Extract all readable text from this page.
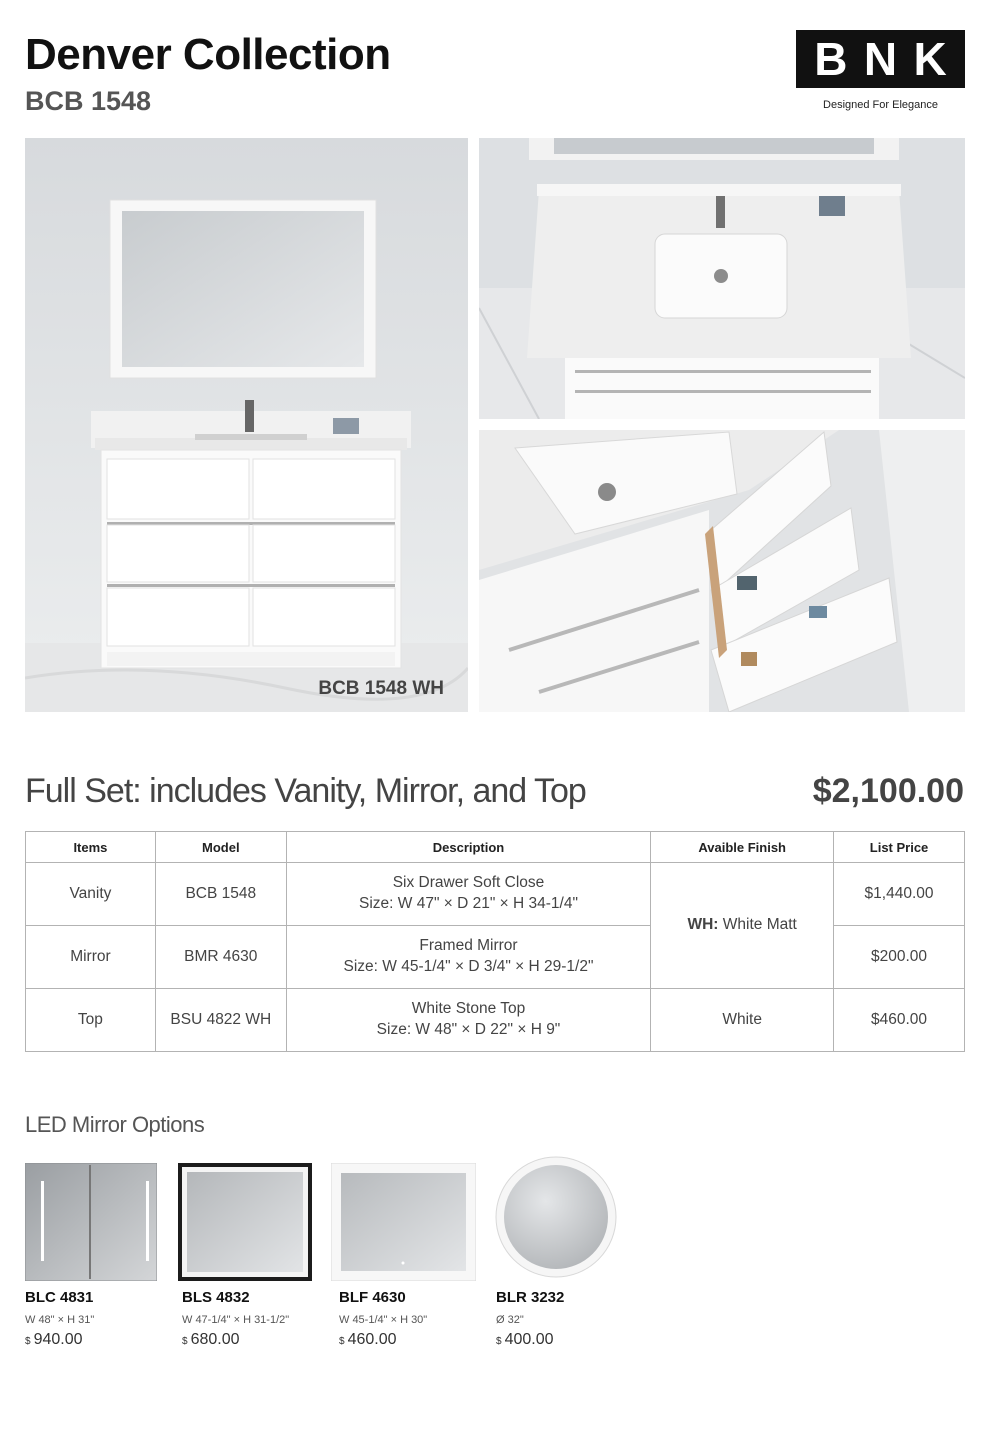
Denver Collection
BCB 1548
B N K
Designed For Elegance
BCB 1548 WH
Full Set: includes Vanity, Mirror, and Top	$2,100.00
Items	Model	Description	Avaible Finish	List Price
Vanity	BCB 1548	Six Drawer Soft Close
Size: W 47" × D 21" × H 34-1/4"	WH: White Matt	$1,440.00
Mirror	BMR 4630	Framed Mirror
Size: W 45-1/4" × D 3/4" × H 29-1/2"		$200.00
Top	BSU 4822 WH	White Stone Top
Size: W 48" × D 22" × H 9"	White	$460.00
LED Mirror Options
BLC 4831
W 48" × H 31"
$ 940.00
BLS 4832
W 47-1/4" × H 31-1/2"
$ 680.00
BLF 4630
W 45-1/4" × H 30"
$ 460.00
BLR 3232
Ø 32"
$ 400.00
